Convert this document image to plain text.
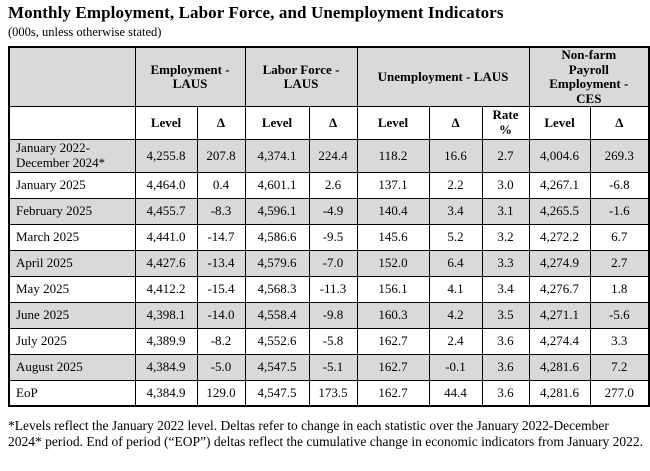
Monthly Employment, Labor Force, and Unemployment Indicators
(000s, unless otherwise stated)
	Employment - LAUS		Labor Force - LAUS		Unemployment - LAUS			Non-farm Payroll Employment - CES	
	Level	Δ	Level	Δ	Level	Δ	Rate %	Level	Δ
January 2022-December 2024*	4,255.8	207.8	4,374.1	224.4	118.2	16.6	2.7	4,004.6	269.3
January 2025	4,464.0	0.4	4,601.1	2.6	137.1	2.2	3.0	4,267.1	-6.8
February 2025	4,455.7	-8.3	4,596.1	-4.9	140.4	3.4	3.1	4,265.5	-1.6
March 2025	4,441.0	-14.7	4,586.6	-9.5	145.6	5.2	3.2	4,272.2	6.7
April 2025	4,427.6	-13.4	4,579.6	-7.0	152.0	6.4	3.3	4,274.9	2.7
May 2025	4,412.2	-15.4	4,568.3	-11.3	156.1	4.1	3.4	4,276.7	1.8
June 2025	4,398.1	-14.0	4,558.4	-9.8	160.3	4.2	3.5	4,271.1	-5.6
July 2025	4,389.9	-8.2	4,552.6	-5.8	162.7	2.4	3.6	4,274.4	3.3
August 2025	4,384.9	-5.0	4,547.5	-5.1	162.7	-0.1	3.6	4,281.6	7.2
EoP	4,384.9	129.0	4,547.5	173.5	162.7	44.4	3.6	4,281.6	277.0

*Levels reflect the January 2022 level. Deltas refer to change in each statistic over the January 2022-December 2024* period. End of period (“EOP”) deltas reflect the cumulative change in economic indicators from January 2022.
